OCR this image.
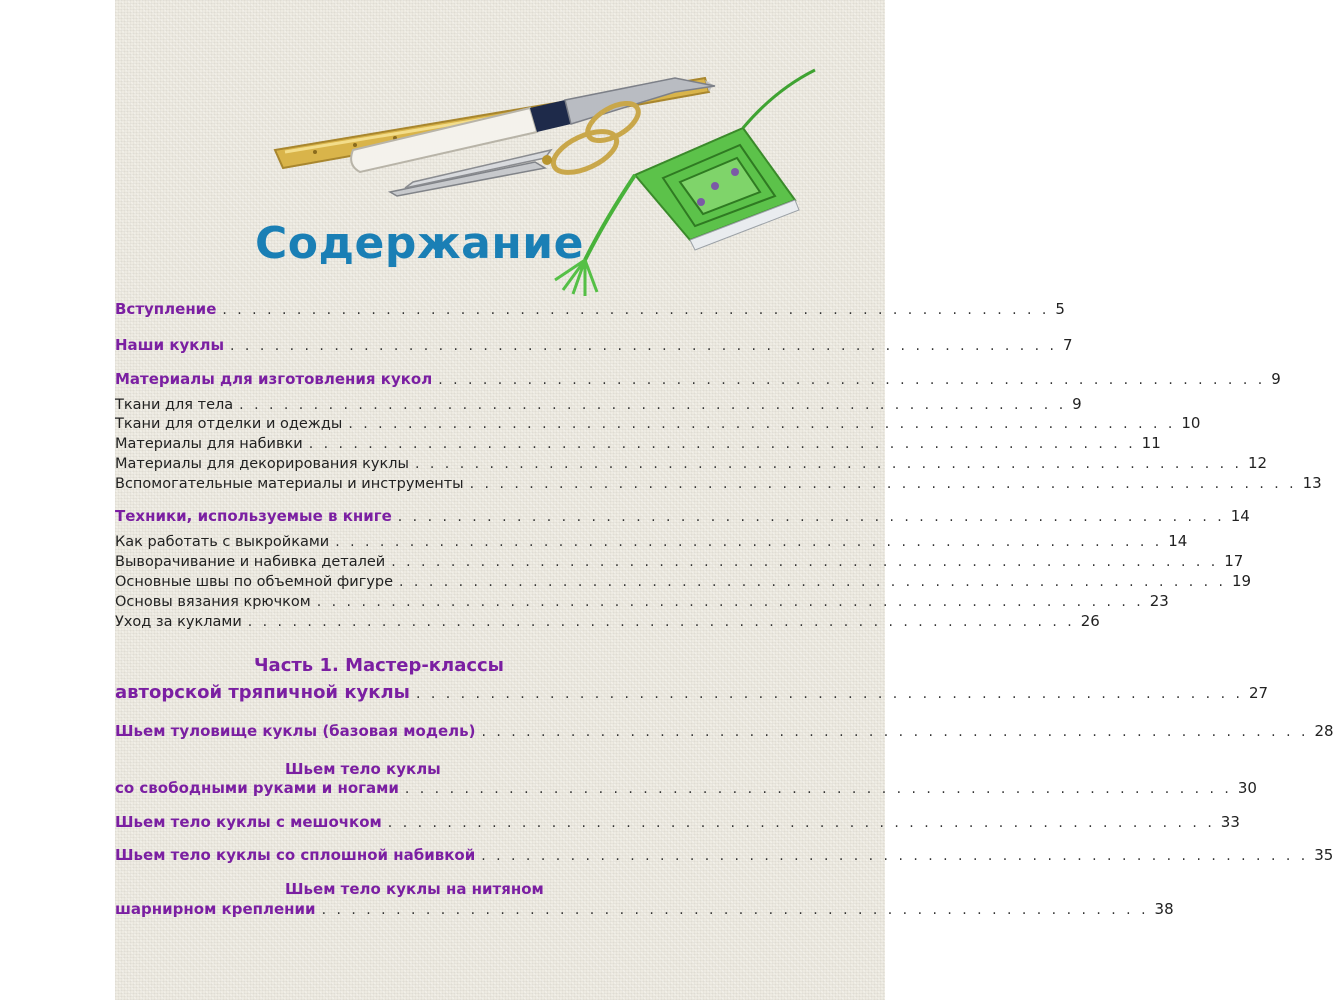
Содержание
Вступление . . . . . . . . . . . . . . . . . . . . . . . . . . . . . . . . . . . . . . . . . . . . . . . . . . . . . . . . 5
Наши куклы . . . . . . . . . . . . . . . . . . . . . . . . . . . . . . . . . . . . . . . . . . . . . . . . . . . . . . . . 7
Материалы для изготовления кукол . . . . . . . . . . . . . . . . . . . . . . . . . . . . . . . . . . . . . . . . . . . . . . . . . . . . . . . . 9
Ткани для тела . . . . . . . . . . . . . . . . . . . . . . . . . . . . . . . . . . . . . . . . . . . . . . . . . . . . . . . . 9
Ткани для отделки и одежды . . . . . . . . . . . . . . . . . . . . . . . . . . . . . . . . . . . . . . . . . . . . . . . . . . . . . . . . 10
Материалы для набивки . . . . . . . . . . . . . . . . . . . . . . . . . . . . . . . . . . . . . . . . . . . . . . . . . . . . . . . . 11
Материалы для декорирования куклы . . . . . . . . . . . . . . . . . . . . . . . . . . . . . . . . . . . . . . . . . . . . . . . . . . . . . . . . 12
Вспомогательные материалы и инструменты . . . . . . . . . . . . . . . . . . . . . . . . . . . . . . . . . . . . . . . . . . . . . . . . . . . . . . . . 13
Техники, используемые в книге . . . . . . . . . . . . . . . . . . . . . . . . . . . . . . . . . . . . . . . . . . . . . . . . . . . . . . . . 14
Как работать с выкройками . . . . . . . . . . . . . . . . . . . . . . . . . . . . . . . . . . . . . . . . . . . . . . . . . . . . . . . . 14
Выворачивание и набивка деталей . . . . . . . . . . . . . . . . . . . . . . . . . . . . . . . . . . . . . . . . . . . . . . . . . . . . . . . . 17
Основные швы по объемной фигуре . . . . . . . . . . . . . . . . . . . . . . . . . . . . . . . . . . . . . . . . . . . . . . . . . . . . . . . . 19
Основы вязания крючком . . . . . . . . . . . . . . . . . . . . . . . . . . . . . . . . . . . . . . . . . . . . . . . . . . . . . . . . 23
Уход за куклами . . . . . . . . . . . . . . . . . . . . . . . . . . . . . . . . . . . . . . . . . . . . . . . . . . . . . . . . 26
Часть 1. Мастер-классы
авторской тряпичной куклы . . . . . . . . . . . . . . . . . . . . . . . . . . . . . . . . . . . . . . . . . . . . . . . . . . . . . . . . 27
Шьем туловище куклы (базовая модель) . . . . . . . . . . . . . . . . . . . . . . . . . . . . . . . . . . . . . . . . . . . . . . . . . . . . . . . . 28
Шьем тело куклы
со свободными руками и ногами . . . . . . . . . . . . . . . . . . . . . . . . . . . . . . . . . . . . . . . . . . . . . . . . . . . . . . . . 30
Шьем тело куклы с мешочком . . . . . . . . . . . . . . . . . . . . . . . . . . . . . . . . . . . . . . . . . . . . . . . . . . . . . . . . 33
Шьем тело куклы со сплошной набивкой . . . . . . . . . . . . . . . . . . . . . . . . . . . . . . . . . . . . . . . . . . . . . . . . . . . . . . . . 35
Шьем тело куклы на нитяном
шарнирном креплении . . . . . . . . . . . . . . . . . . . . . . . . . . . . . . . . . . . . . . . . . . . . . . . . . . . . . . . . 38
